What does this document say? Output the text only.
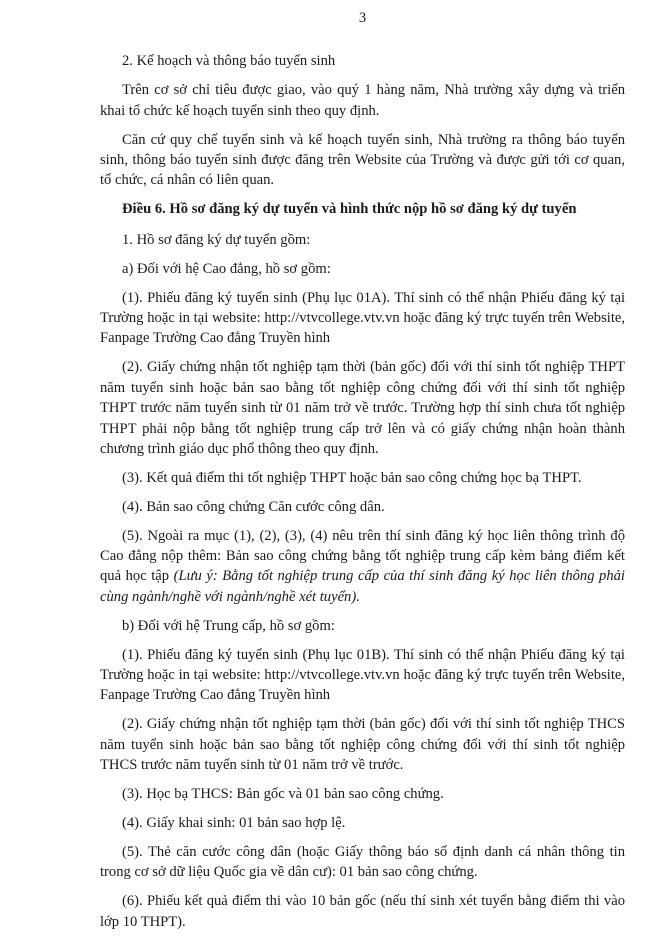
3

2. Kế hoạch và thông báo tuyển sinh

Trên cơ sở chỉ tiêu được giao, vào quý 1 hàng năm, Nhà trường xây dựng và triển khai tổ chức kế hoạch tuyển sinh theo quy định.

Căn cứ quy chế tuyển sinh và kế hoạch tuyển sinh, Nhà trường ra thông báo tuyển sinh, thông báo tuyển sinh được đăng trên Website của Trường và được gửi tới cơ quan, tổ chức, cá nhân có liên quan.

Điều 6. Hồ sơ đăng ký dự tuyển và hình thức nộp hồ sơ đăng ký dự tuyển

1. Hồ sơ đăng ký dự tuyển gồm:

a) Đối với hệ Cao đẳng, hồ sơ gồm:

(1). Phiếu đăng ký tuyển sinh (Phụ lục 01A). Thí sinh có thể nhận Phiếu đăng ký tại Trường hoặc in tại website: http://vtvcollege.vtv.vn hoặc đăng ký trực tuyến trên Website, Fanpage Trường Cao đẳng Truyền hình

(2). Giấy chứng nhận tốt nghiệp tạm thời (bản gốc) đối với thí sinh tốt nghiệp THPT năm tuyển sinh hoặc bản sao bằng tốt nghiệp công chứng đối với thí sinh tốt nghiệp THPT trước năm tuyển sinh từ 01 năm trở về trước. Trường hợp thí sinh chưa tốt nghiệp THPT phải nộp bằng tốt nghiệp trung cấp trở lên và có giấy chứng nhận hoàn thành chương trình giáo dục phổ thông theo quy định.

(3). Kết quả điểm thi tốt nghiệp THPT hoặc bản sao công chứng học bạ THPT.

(4). Bản sao công chứng Căn cước công dân.

(5). Ngoài ra mục (1), (2), (3), (4) nêu trên thí sinh đăng ký học liên thông trình độ Cao đẳng nộp thêm: Bản sao công chứng bằng tốt nghiệp trung cấp kèm bảng điểm kết quả học tập (Lưu ý: Bằng tốt nghiệp trung cấp của thí sinh đăng ký học liên thông phải cùng ngành/nghề với ngành/nghề xét tuyển).

b) Đối với hệ Trung cấp, hồ sơ gồm:

(1). Phiếu đăng ký tuyển sinh (Phụ lục 01B). Thí sinh có thể nhận Phiếu đăng ký tại Trường hoặc in tại website: http://vtvcollege.vtv.vn hoặc đăng ký trực tuyến trên Website, Fanpage Trường Cao đẳng Truyền hình

(2). Giấy chứng nhận tốt nghiệp tạm thời (bản gốc) đối với thí sinh tốt nghiệp THCS năm tuyển sinh hoặc bản sao bằng tốt nghiệp công chứng đối với thí sinh tốt nghiệp THCS trước năm tuyển sinh từ 01 năm trở về trước.

(3). Học bạ THCS: Bản gốc và 01 bản sao công chứng.

(4). Giấy khai sinh: 01 bản sao hợp lệ.

(5). Thẻ căn cước công dân (hoặc Giấy thông báo số định danh cá nhân thông tin trong cơ sở dữ liệu Quốc gia về dân cư): 01 bản sao công chứng.

(6). Phiếu kết quả điểm thi vào 10 bản gốc (nếu thí sinh xét tuyển bằng điểm thi vào lớp 10 THPT).
